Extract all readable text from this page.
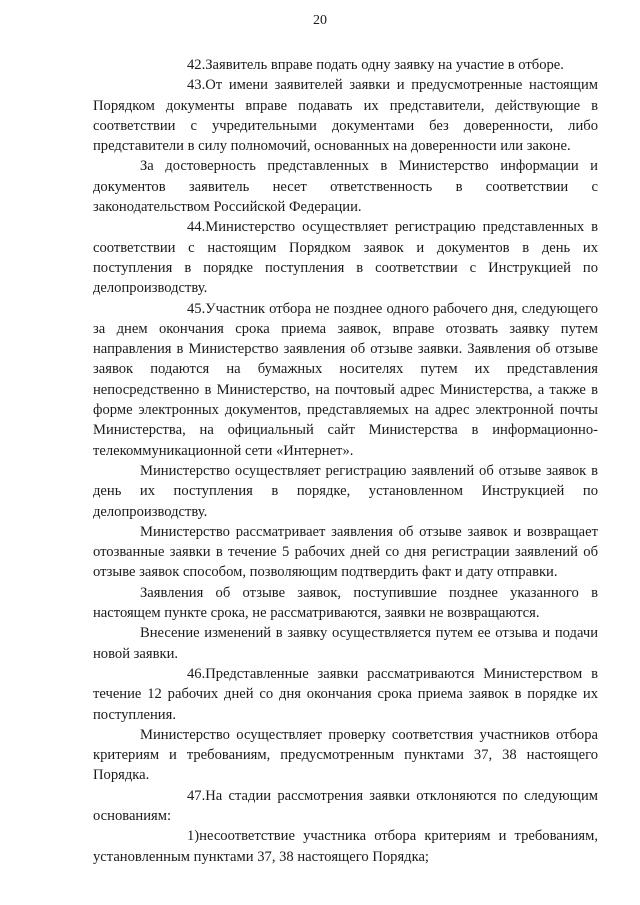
20

42.Заявитель вправе подать одну заявку на участие в отборе.

43.От имени заявителей заявки и предусмотренные настоящим Порядком документы вправе подавать их представители, действующие в соответствии с учредительными документами без доверенности, либо представители в силу полномочий, основанных на доверенности или законе.

За достоверность представленных в Министерство информации и документов заявитель несет ответственность в соответствии с законодательством Российской Федерации.

44.Министерство осуществляет регистрацию представленных в соответствии с настоящим Порядком заявок и документов в день их поступления в порядке поступления в соответствии с Инструкцией по делопроизводству.

45.Участник отбора не позднее одного рабочего дня, следующего за днем окончания срока приема заявок, вправе отозвать заявку путем направления в Министерство заявления об отзыве заявки. Заявления об отзыве заявок подаются на бумажных носителях путем их представления непосредственно в Министерство, на почтовый адрес Министерства, а также в форме электронных документов, представляемых на адрес электронной почты Министерства, на официальный сайт Министерства в информационно-телекоммуникационной сети «Интернет».

Министерство осуществляет регистрацию заявлений об отзыве заявок в день их поступления в порядке, установленном Инструкцией по делопроизводству.

Министерство рассматривает заявления об отзыве заявок и возвращает отозванные заявки в течение 5 рабочих дней со дня регистрации заявлений об отзыве заявок способом, позволяющим подтвердить факт и дату отправки.

Заявления об отзыве заявок, поступившие позднее указанного в настоящем пункте срока, не рассматриваются, заявки не возвращаются.

Внесение изменений в заявку осуществляется путем ее отзыва и подачи новой заявки.

46.Представленные заявки рассматриваются Министерством в течение 12 рабочих дней со дня окончания срока приема заявок в порядке их поступления.

Министерство осуществляет проверку соответствия участников отбора критериям и требованиям, предусмотренным пунктами 37, 38 настоящего Порядка.

47.На стадии рассмотрения заявки отклоняются по следующим основаниям:

1)несоответствие участника отбора критериям и требованиям, установленным пунктами 37, 38 настоящего Порядка;
